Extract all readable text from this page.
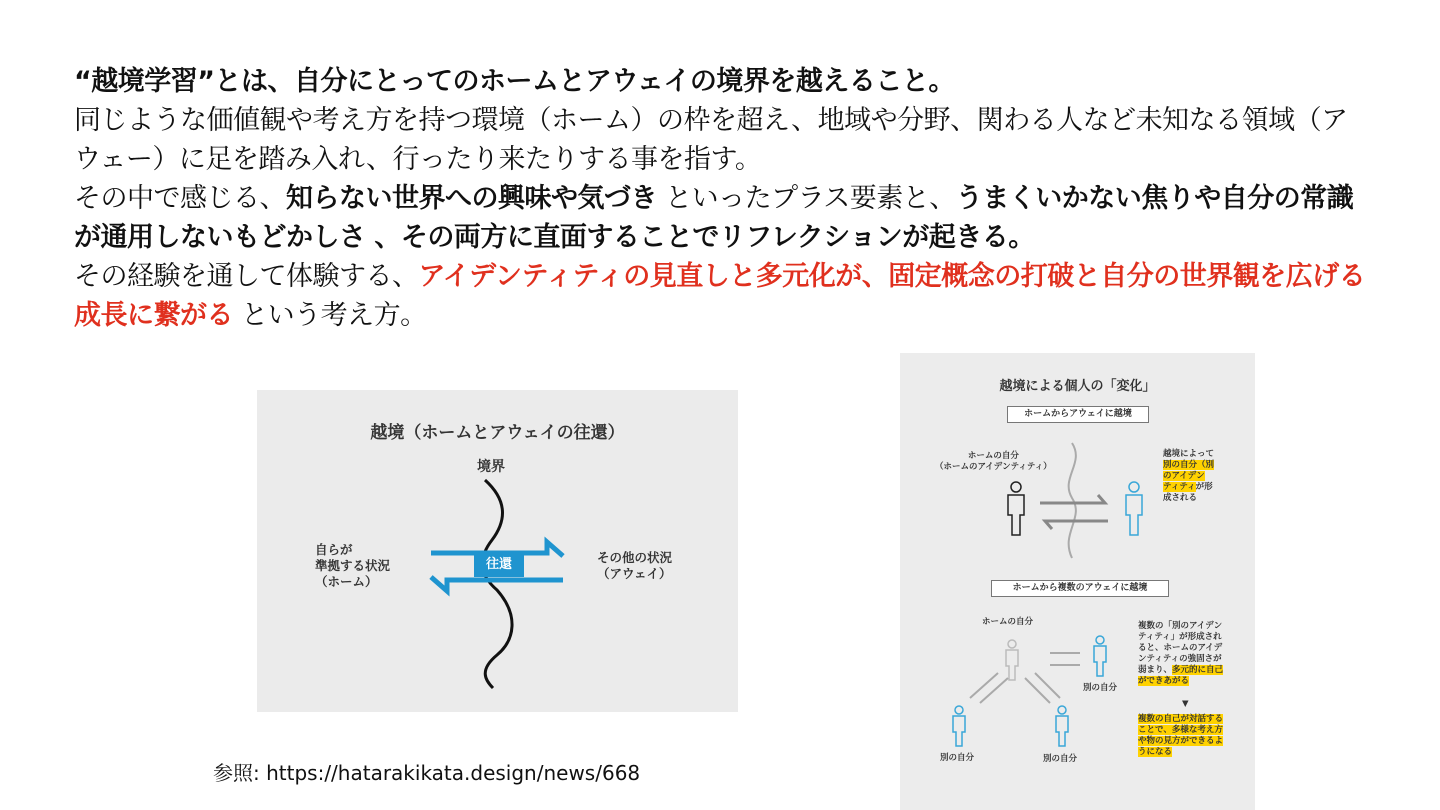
“越境学習”とは、自分にとってのホームとアウェイの境界を越えること。

同じような価値観や考え方を持つ環境（ホーム）の枠を超え、地域や分野、関わる人など未知なる領域（アウェー）に足を踏み入れ、行ったり来たりする事を指す。

その中で感じる、知らない世界への興味や気づき といったプラス要素と、うまくいかない焦りや自分の常識が通用しないもどかしさ 、その両方に直面することでリフレクションが起きる。

その経験を通して体験する、アイデンティティの見直しと多元化が、固定概念の打破と自分の世界観を広げる成長に繋がる という考え方。

越境（ホームとアウェイの往還）
境界
自らが
準拠する状況
（ホーム）
その他の状況
（アウェイ）
往還
越境による個人の「変化」
ホームからアウェイに越境
ホームの自分
（ホームのアイデンティティ）
越境によって
別の自分（別
のアイデン
ティティが形
成される
ホームから複数のアウェイに越境
ホームの自分
別の自分
別の自分	別の自分
複数の「別のアイデン
ティティ」が形成され
ると、ホームのアイデ
ンティティの強固さが
弱まり、多元的に自己
ができあがる
▼
複数の自己が対話する
ことで、多様な考え方
や物の見方ができるよ
うになる
参照: https://hatarakikata.design/news/668
